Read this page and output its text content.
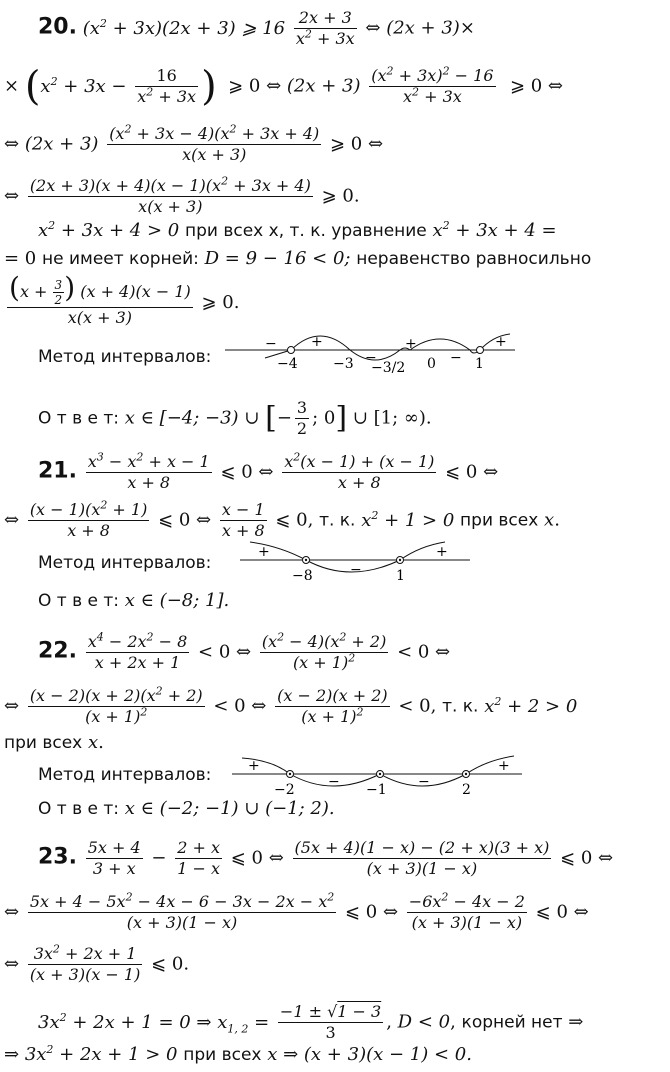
20. $(x^2 + 3x)(2x + 3)$ ⩾ $16 \frac{2x + 3}{x^2 + 3x}$ ⇔ (2x + 3)×
× ($x^2 + 3x - \frac{16}{x^2 + 3x}$ )  ⩾ 0 ⇔ $(2x + 3) \frac{(x^2 + 3x)^2 - 16}{x^2 + 3x}$ ⩾ 0 ⇔
⇔ $(2x + 3) \frac{(x^2 + 3x - 4)(x^2 + 3x + 4)}{x(x + 3)}$ ⩾ 0 ⇔
⇔ $\frac{(2x + 3)(x + 4)(x - 1)(x^2 + 3x + 4)}{x(x + 3)}$ ⩾ 0.
$x^2 + 3x + 4 > 0$ при всех x, т. к. уравнение $x^2 + 3x + 4$ =
= 0 не имеет корней: D = 9 − 16 < 0; неравенство равносильно
$\frac{(x + \frac{3}{2} ) (x + 4)(x - 1)}{x(x + 3)}$ ⩾ 0.
Метод интервалов:
− +
−
+
−
+
−4	−3 −3/2 0	1
О т в е т: x ∈ [−4; −3) ∪ [− $\frac{3}{2}$ ; 0] ∪ [1; ∞).
21. $\frac{x^3 - x^2 + x - 1}{x + 8}$ ⩽ 0 ⇔ $\frac{x^2(x - 1) + (x - 1)}{x + 8}$ ⩽ 0 ⇔
⇔ $\frac{(x - 1)(x^2 + 1)}{x + 8}$ ⩽ 0 ⇔ $\frac{x - 1}{x + 8}$ ⩽ 0, т. к. $x^2 + 1 > 0$ при всех x.
Метод интервалов:
+
−
+
−8	1
О т в е т: x ∈ (−8; 1].
22. $\frac{x^4 - 2x^2 - 8}{x + 2x + 1} < 0$ ⇔ $\frac{(x^2 - 4)(x^2 + 2)}{(x + 1)^2} < 0$ ⇔
⇔ $\frac{(x - 2)(x + 2)(x^2 + 2)}{(x + 1)^2} < 0$ ⇔ $\frac{(x - 2)(x + 2)}{(x + 1)^2} < 0$, т. к. $x^2 + 2 > 0$
при всех x.
Метод интервалов:	+
−	−
+
−2	−1	2
О т в е т: x ∈ (−2; −1) ∪ (−1; 2).
23. $\frac{5x + 4}{3 + x} - \frac{2 + x}{1 - x}$ ⩽ 0 ⇔ $\frac{(5x + 4)(1 - x) - (2 + x)(3 + x)}{(x + 3)(1 - x)}$ ⩽ 0 ⇔
⇔ $\frac{5x + 4 - 5x^2 - 4x - 6 - 3x - 2x - x^2}{(x + 3)(1 - x)}$ ⩽ 0 ⇔ $\frac{-6x^2 - 4x - 2}{(x + 3)(1 - x)}$ ⩽ 0 ⇔
⇔ $\frac{3x^2 + 2x + 1}{(x + 3)(x - 1)}$ ⩽ 0.
$3x^2 + 2x + 1 = 0$ ⇒ $x_{1, 2} = \frac{-1 \pm √1 - 3}{3}$ , D < 0, корней нет ⇒
⇒ $3x^2 + 2x + 1 > 0$ при всех x ⇒ (x + 3)(x − 1) < 0.
